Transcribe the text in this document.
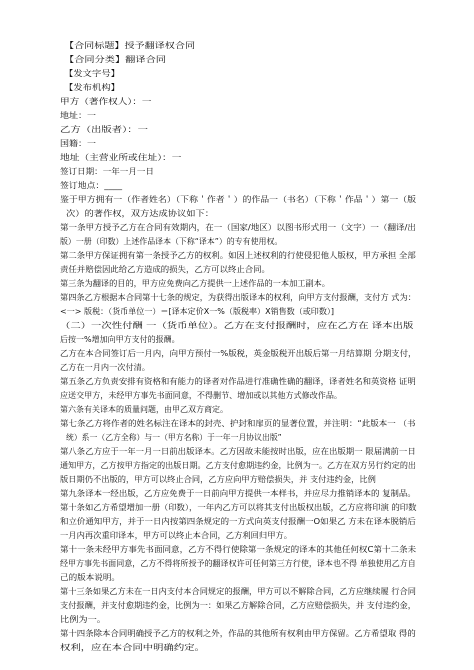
【合同标题】授予翻译权合同
【合同分类】翻译合同
【发文字号】
【发布机构】
甲方（著作权人）：一
地址：一
乙方（出版者）：一
国籍：一
地址（主营业所或住址）：一
签订日期：一年一月一日
签订地点：____
鉴于甲方拥有一（作者姓名）（下称＇作者＇）的作品一（书名）（下称＇作品＇）第一（版
次）的著作权，双方达成协议如下：
第一条甲方授予乙方在合同有效期内，在一（国家/地区）以图书形式用一（文字）一（翻译/出
版）一册（印数）上述作品译本（下称“译本”）的专有使用权。
第二条甲方保证拥有第一条授予乙方的权利。如因上述权利的行使侵犯他人版权，甲方承担 全部
责任并赔偿因此给乙方造成的损失，乙方可以终止合同。
第三条为翻译的目的，甲方应免费向乙方提供一上述作品的一本加工副本。
第四条乙方根据本合同第十七条的规定，为获得出版译本的权利，向甲方支付报酬，支付方 式为：
<一> 版税：（货币单位一）＝[译本定价X一%（版税率）X销售数（或印数）]
（二）一次性付酬 一（货币单位）。乙方在支付报酬时，应在乙方在 译本出版
后按一%增加向甲方支付的报酬。
乙方在本合同签订后一月内，向甲方预付一%版税，英金版税开出版后第一月结算期 分期支付，
乙方在一月内一次付清。
第五条乙方负责安排有资格和有能力的译者对作品进行准确性确的翻译，译者姓名和英资格 证明
应送交甲方，未经甲方事先书面同意，不得删节、增加或以其他方式修改作品。
第六条有关译本的质量问题，由甲乙双方商定。
第七条乙方将作者的姓名标注在译本的封壳、护封和扉页的显著位置，并注明：“此版本一 （书
统）系一（乙方全称）与一（甲方名称）于一年一月协议出版”
第八条乙方应于一年一月一日前出版译本。乙方因故未能按时出版，应在出版期一 限届满前一日
通知甲方，乙方按甲方指定的出版日期。乙方支付愈期违约金，比例为一。乙方在双方另行约定的出
版日期仍不出版的，甲方可以终止合同，乙方应向甲方赔偿损失，并 支付违约金，比例
第九条译本一经出版，乙方应免费于一日前向甲方提供一本样书，并应尽力推销译本的 复制品。
第十条如乙方希望增加一册（印数），一年内乙方可以将其支付出版权出版，乙方应将印演 的印数
和立价通知甲方，并于一日内按第四条规定的一方式向英支付报酬一O如果乙 方未在译本脱销后
一月内再次重印译本，甲方可以终止本合同，乙方利回归甲方。
第十一条未经甲方事先书面同意，乙方不得行使除第一条规定的译本的其他任何权C第十二条未
经甲方事先书面同意，乙方不得将所授予的翻译权许可任何第三方行使，译本也不得 单独使用乙方自
己的版本说明。
第十三条如果乙方未在一日内支付本合同规定的报酬，甲方可以不解除合同，乙方应继续履 行合同
支付报酬，并支付愈期违约金，比例为一：如果乙方解除合同，乙方应赔偿损失，并 支付违约金，
比例为一。
第十四条除本合同明确授予乙方的权利之外，作品的其他所有权利由甲方保留。乙方希望取 得的
权利，应在本合同中明确约定。
